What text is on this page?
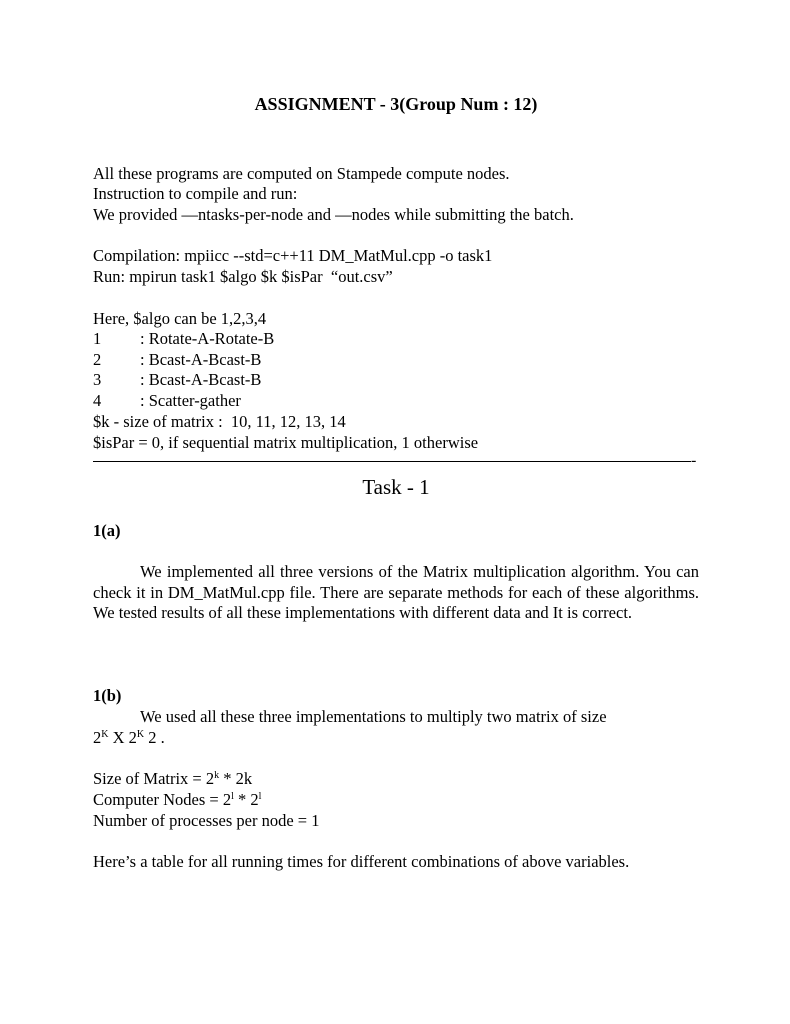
ASSIGNMENT - 3(Group Num : 12)
All these programs are computed on Stampede compute nodes.
Instruction to compile and run:
We provided —ntasks-per-node and —nodes while submitting the batch.
Compilation: mpiicc --std=c++11 DM_MatMul.cpp -o task1
Run: mpirun task1 $algo $k $isPar  “out.csv”
Here, $algo can be 1,2,3,4
1 : Rotate-A-Rotate-B
2 : Bcast-A-Bcast-B
3 : Bcast-A-Bcast-B
4 : Scatter-gather
$k - size of matrix :  10, 11, 12, 13, 14
$isPar = 0, if sequential matrix multiplication, 1 otherwise
-
Task - 1
1(a)
We implemented all three versions of the Matrix multiplication algorithm. You can check it in DM_MatMul.cpp file. There are separate methods for each of these algorithms. We tested results of all these implementations with different data and It is correct.
1(b)
We used all these three implementations to multiply two matrix of size
$2^K$ X $2^K$ 2 .
Size of Matrix = $2^k * 2k$
Computer Nodes = $2^l * 2^l$
Number of processes per node = 1
Here’s a table for all running times for different combinations of above variables.
